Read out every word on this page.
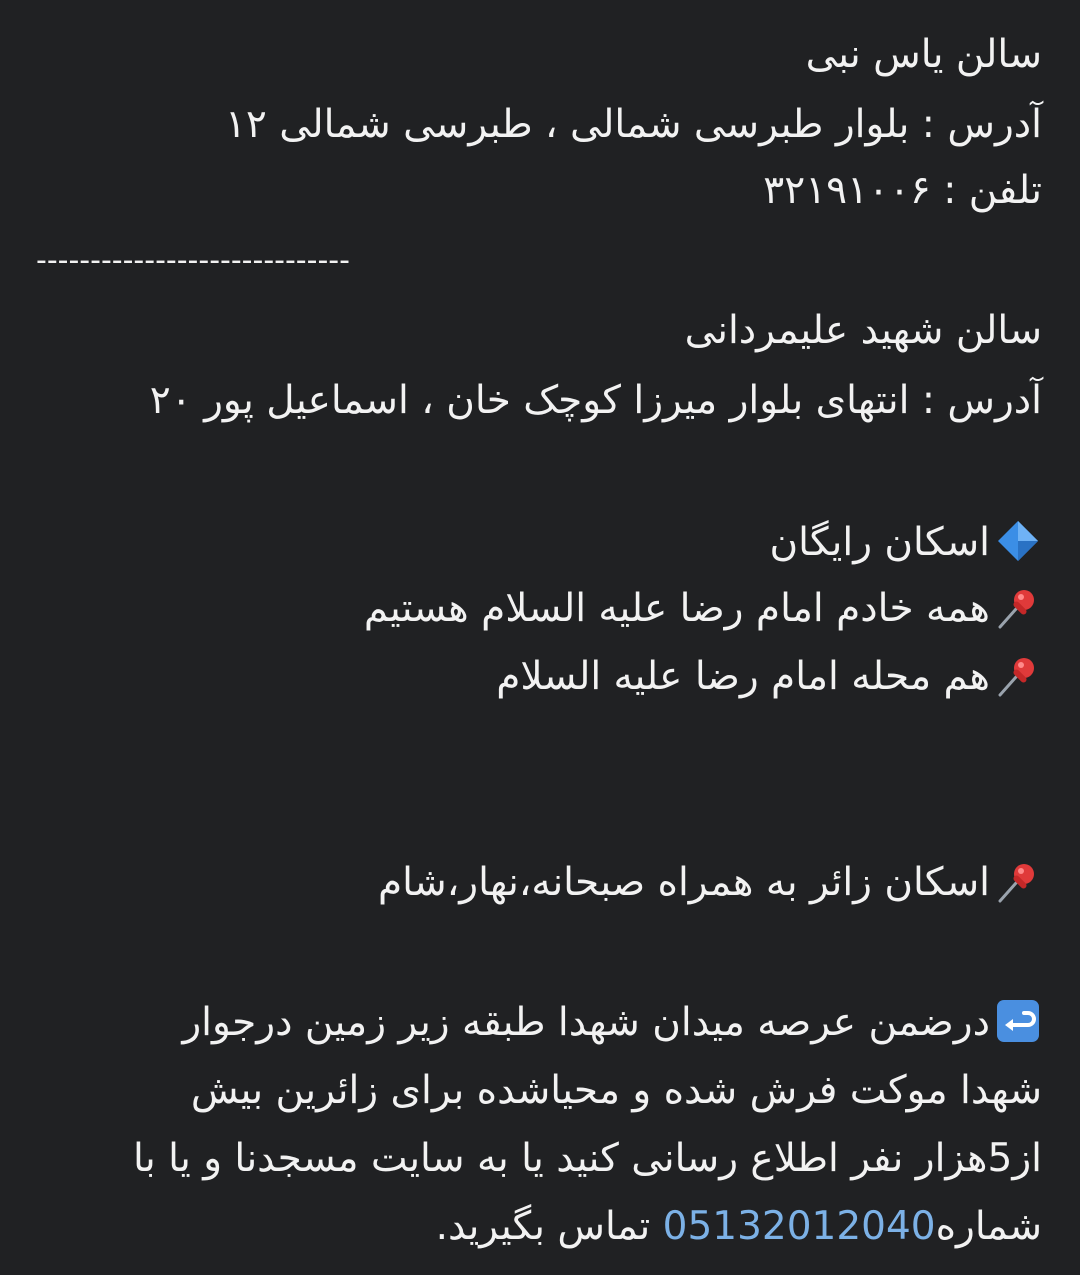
سالن یاس نبی
آدرس : بلوار طبرسی شمالی ، طبرسی شمالی ۱۲
تلفن : ۳۲۱۹۱۰۰۶
-----------------------------
سالن شهید علیمردانی
آدرس : انتهای بلوار میرزا کوچک خان ، اسماعیل پور ۲۰
اسکان رایگان
همه خادم امام رضا علیه السلام هستیم
هم محله امام رضا علیه السلام
اسکان زائر به همراه صبحانه،نهار،شام
درضمن عرصه میدان شهدا طبقه زیر زمین درجوار
شهدا موکت فرش شده و محیاشده برای زائرین بیش
از5هزار نفر اطلاع رسانی کنید یا به سایت مسجدنا و یا با
شماره05132012040 تماس بگیرید.
